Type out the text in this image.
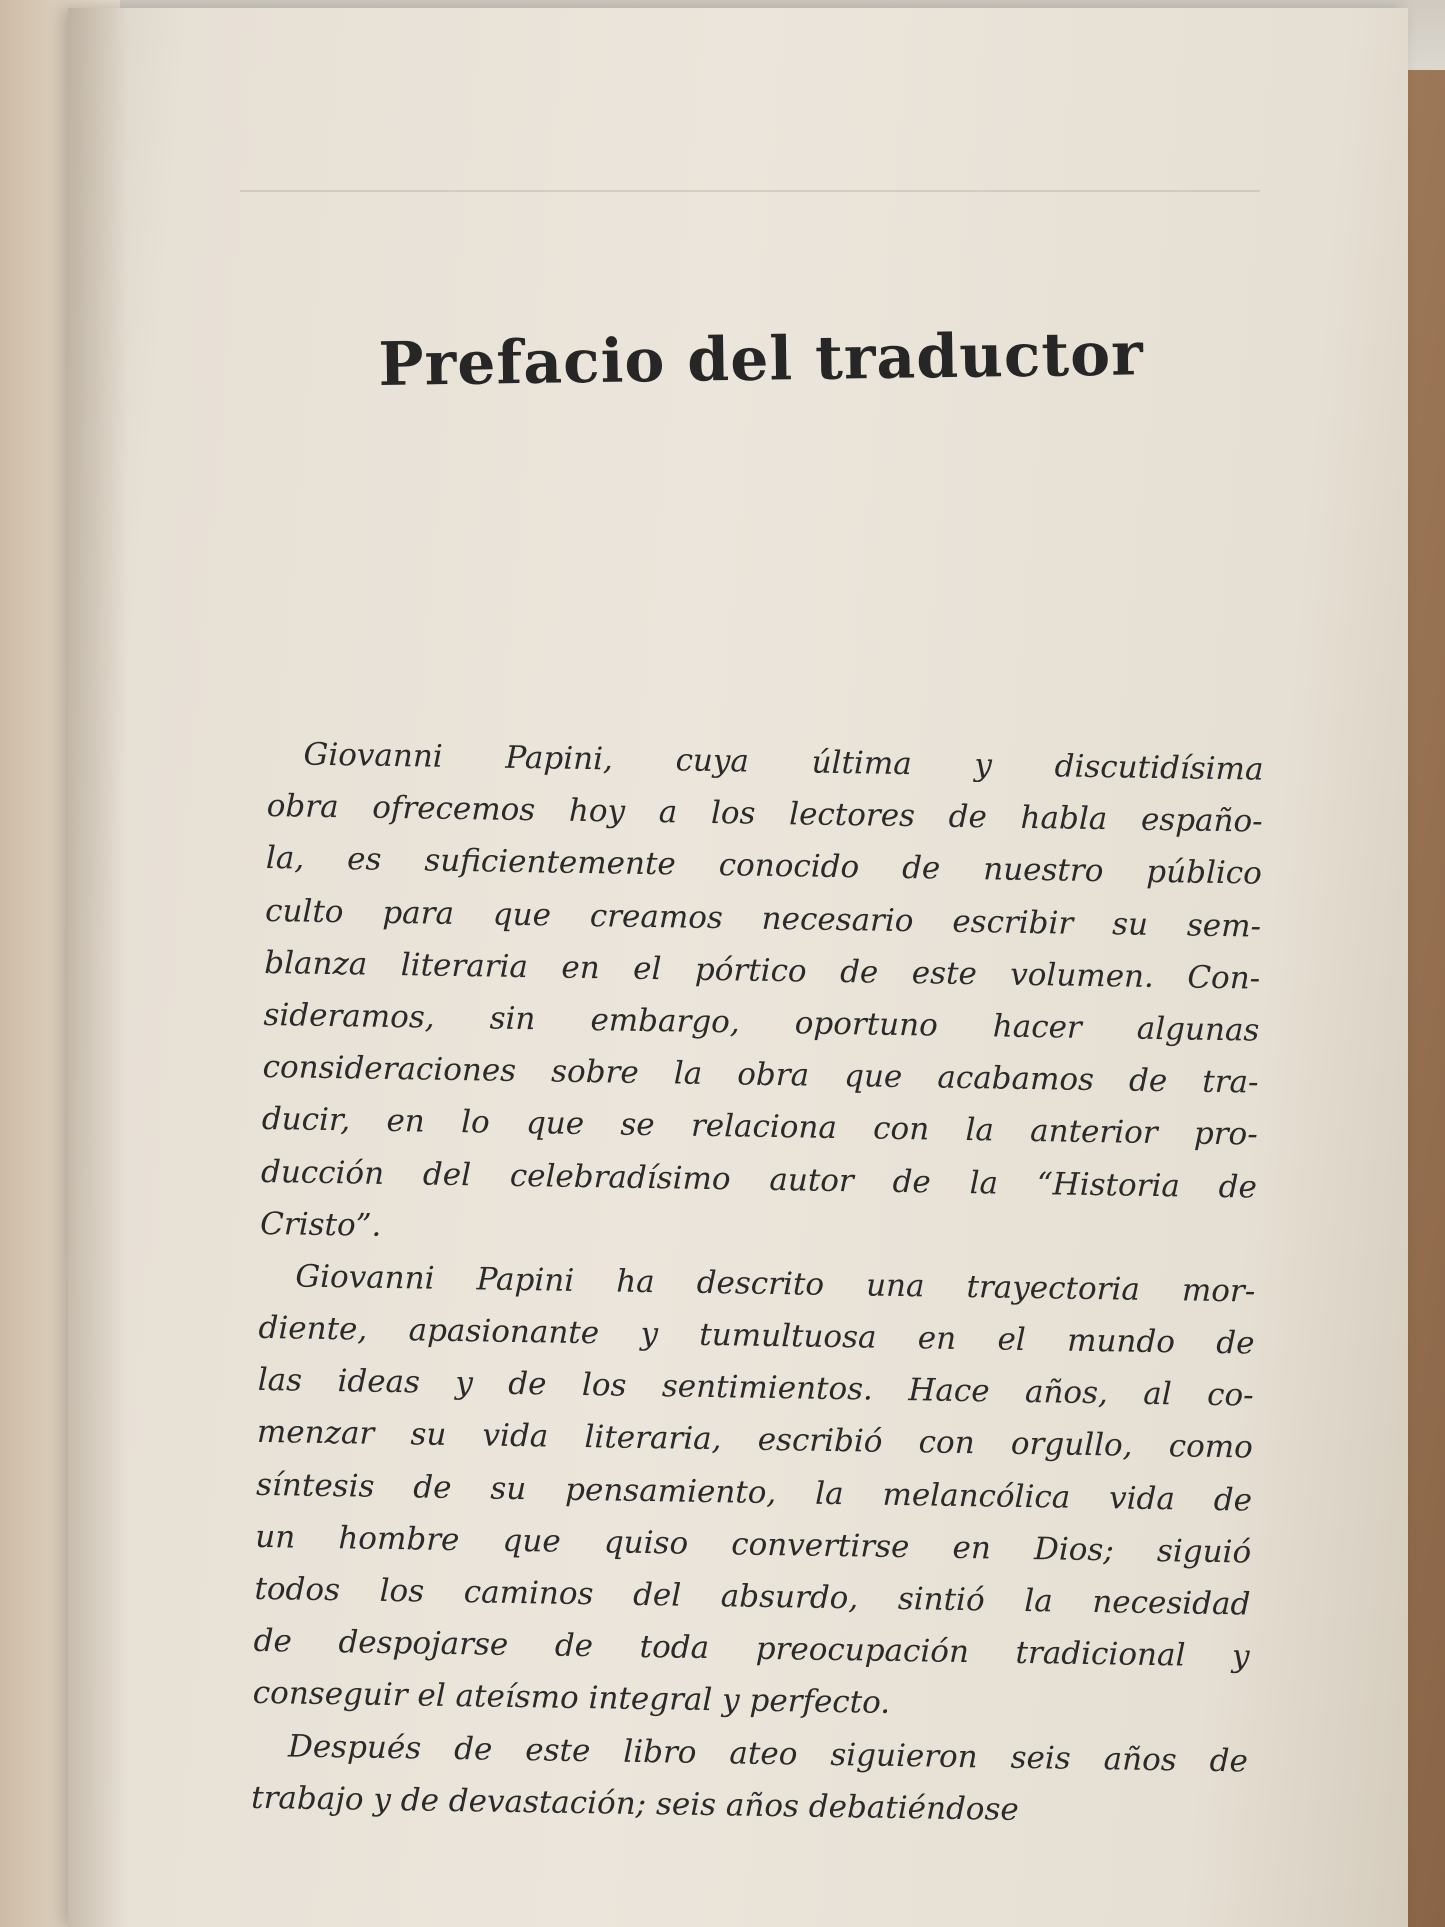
Prefacio del traductor
Giovanni Papini, cuya última y discutidísima
obra ofrecemos hoy a los lectores de habla españo-
la, es suficientemente conocido de nuestro público
culto para que creamos necesario escribir su sem-
blanza literaria en el pórtico de este volumen. Con-
sideramos, sin embargo, oportuno hacer algunas
consideraciones sobre la obra que acabamos de tra-
ducir, en lo que se relaciona con la anterior pro-
ducción del celebradísimo autor de la “Historia de
Cristo”.
Giovanni Papini ha descrito una trayectoria mor-
diente, apasionante y tumultuosa en el mundo de
las ideas y de los sentimientos. Hace años, al co-
menzar su vida literaria, escribió con orgullo, como
síntesis de su pensamiento, la melancólica vida de
un hombre que quiso convertirse en Dios; siguió
todos los caminos del absurdo, sintió la necesidad
de despojarse de toda preocupación tradicional y
conseguir el ateísmo integral y perfecto.
Después de este libro ateo siguieron seis años de
trabajo y de devastación; seis años debatiéndose
